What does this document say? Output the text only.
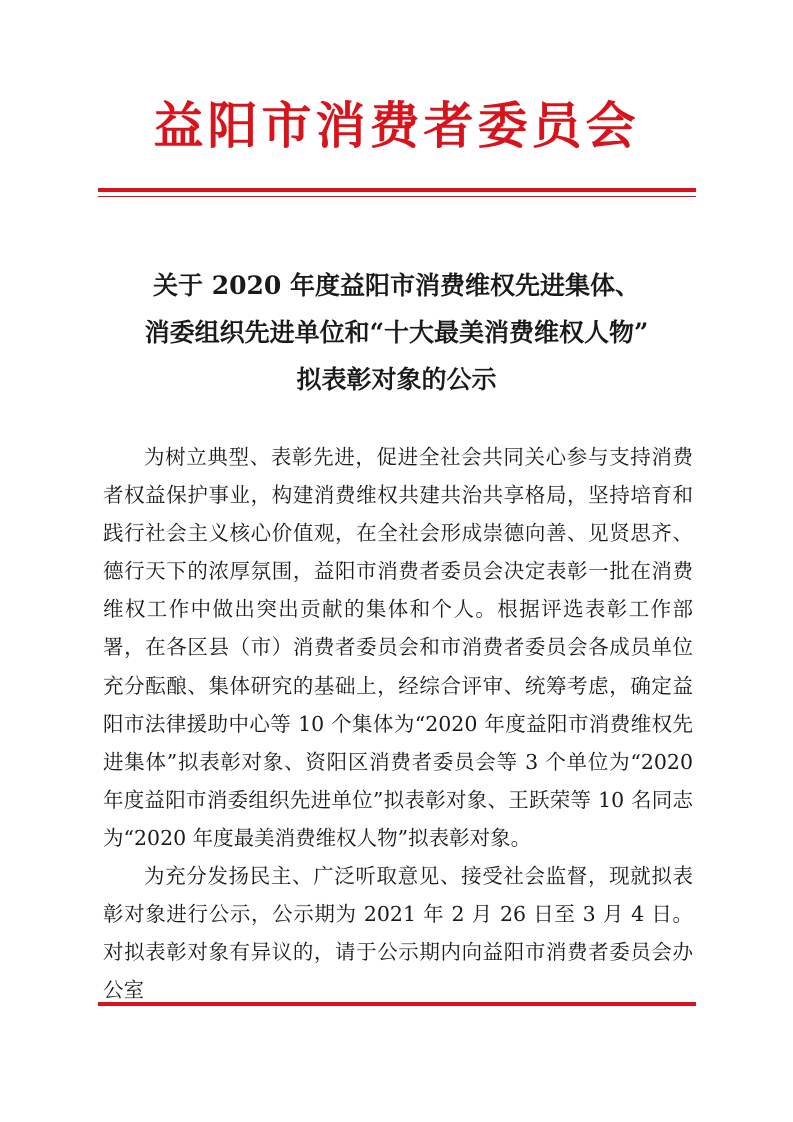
益阳市消费者委员会
关于 2020 年度益阳市消费维权先进集体、
消委组织先进单位和“十大最美消费维权人物”
拟表彰对象的公示

为树立典型、表彰先进，促进全社会共同关心参与支持消费者权益保护事业，构建消费维权共建共治共享格局，坚持培育和践行社会主义核心价值观，在全社会形成崇德向善、见贤思齐、德行天下的浓厚氛围，益阳市消费者委员会决定表彰一批在消费维权工作中做出突出贡献的集体和个人。根据评选表彰工作部署，在各区县（市）消费者委员会和市消费者委员会各成员单位充分酝酿、集体研究的基础上，经综合评审、统筹考虑，确定益阳市法律援助中心等 10 个集体为“2020 年度益阳市消费维权先进集体”拟表彰对象、资阳区消费者委员会等 3 个单位为“2020 年度益阳市消委组织先进单位”拟表彰对象、王跃荣等 10 名同志为“2020 年度最美消费维权人物”拟表彰对象。

为充分发扬民主、广泛听取意见、接受社会监督，现就拟表彰对象进行公示，公示期为 2021 年 2 月 26 日至 3 月 4 日。对拟表彰对象有异议的，请于公示期内向益阳市消费者委员会办公室
